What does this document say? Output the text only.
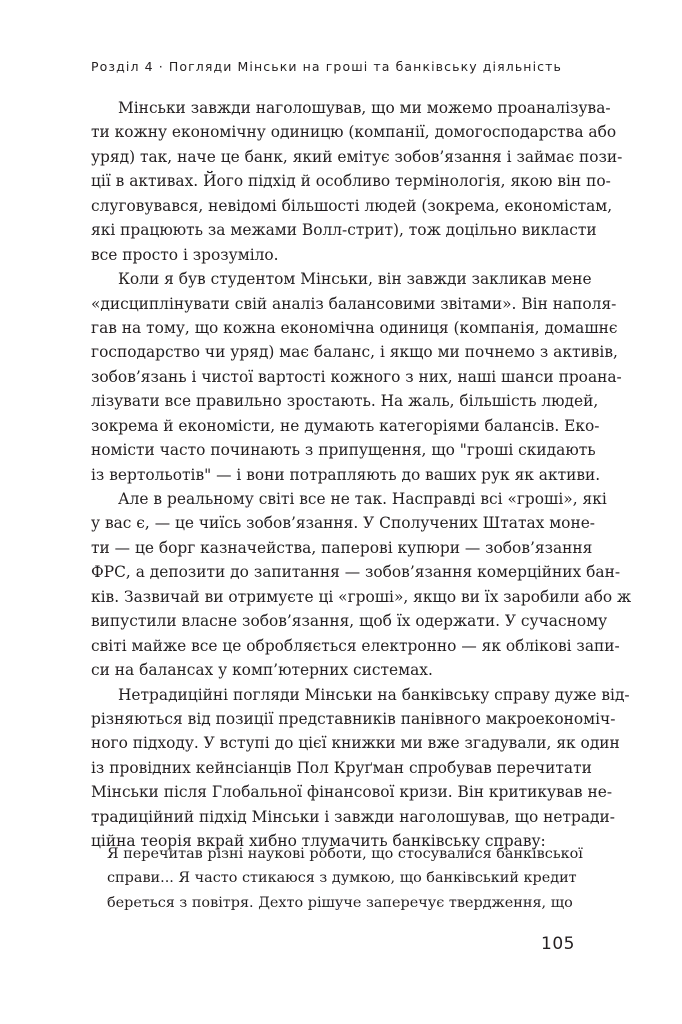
Розділ 4 · Погляди Мінськи на гроші та банківську діяльність
Мінськи завжди наголошував, що ми можемо проаналізува-
ти кожну економічну одиницю (компанії, домогосподарства або
уряд) так, наче це банк, який емітує зобов’язання і займає пози-
ції в активах. Його підхід й особливо термінологія, якою він по-
слуговувався, невідомі більшості людей (зокрема, економістам,
які працюють за межами Волл-стрит), тож доцільно викласти
все просто і зрозуміло.
Коли я був студентом Мінськи, він завжди закликав мене
«дисциплінувати свій аналіз балансовими звітами». Він наполя-
гав на тому, що кожна економічна одиниця (компанія, домашнє
господарство чи уряд) має баланс, і якщо ми почнемо з активів,
зобов’язань і чистої вартості кожного з них, наші шанси проана-
лізувати все правильно зростають. На жаль, більшість людей,
зокрема й економісти, не думають категоріями балансів. Еко-
номісти часто починають з припущення, що "гроші скидають
із вертольотів" — і вони потрапляють до ваших рук як активи.
Але в реальному світі все не так. Насправді всі «гроші», які
у вас є, — це чиїсь зобов’язання. У Сполучених Штатах моне-
ти — це борг казначейства, паперові купюри — зобов’язання
ФРС, а депозити до запитання — зобов’язання комерційних бан-
ків. Зазвичай ви отримуєте ці «гроші», якщо ви їх заробили або ж
випустили власне зобов’язання, щоб їх одержати. У сучасному
світі майже все це обробляється електронно — як облікові запи-
си на балансах у комп’ютерних системах.
Нетрадиційні погляди Мінськи на банківську справу дуже від-
різняються від позиції представників панівного макроекономіч-
ного підходу. У вступі до цієї книжки ми вже згадували, як один
із провідних кейнсіанців Пол Круґман спробував перечитати
Мінськи після Глобальної фінансової кризи. Він критикував не-
традиційний підхід Мінськи і завжди наголошував, що нетради-
ційна теорія вкрай хибно тлумачить банківську справу:
Я перечитав різні наукові роботи, що стосувалися банківської
справи... Я часто стикаюся з думкою, що банківський кредит
береться з повітря. Дехто рішуче заперечує твердження, що
105
